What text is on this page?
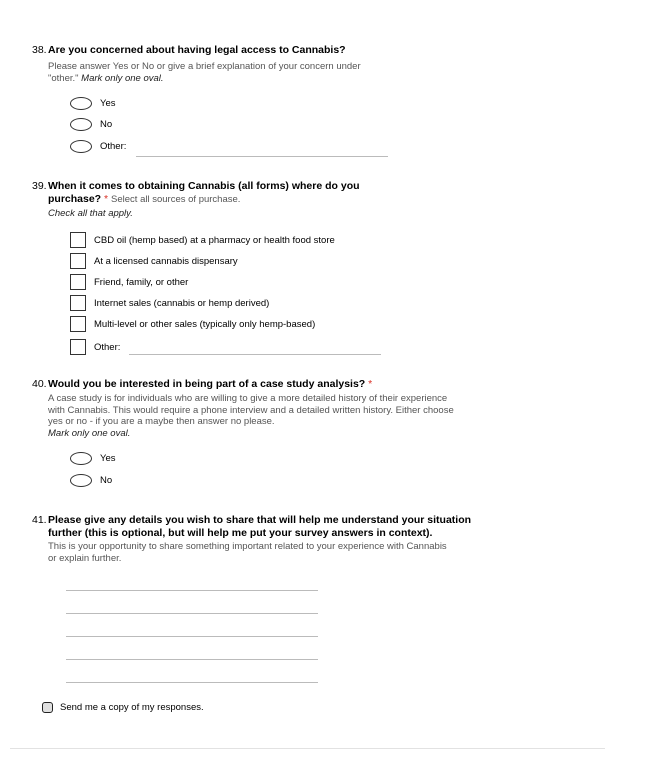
38.Are you concerned about having legal access to Cannabis?
Please answer Yes or No or give a brief explanation of your concern under
"other." Mark only one oval.
Yes
No
Other:
39.When it comes to obtaining Cannabis (all forms) where do you
purchase? * Select all sources of purchase.
Check all that apply.
CBD oil (hemp based) at a pharmacy or health food store
At a licensed cannabis dispensary
Friend, family, or other
Internet sales (cannabis or hemp derived)
Multi-level or other sales (typically only hemp-based)
Other:
40.Would you be interested in being part of a case study analysis? *
A case study is for individuals who are willing to give a more detailed history of their experience
with Cannabis. This would require a phone interview and a detailed written history. Either choose
yes or no - if you are a maybe then answer no please.
Mark only one oval.
Yes
No
41.Please give any details you wish to share that will help me understand your situation
further (this is optional, but will help me put your survey answers in context).
This is your opportunity to share something important related to your experience with Cannabis
or explain further.
Send me a copy of my responses.
